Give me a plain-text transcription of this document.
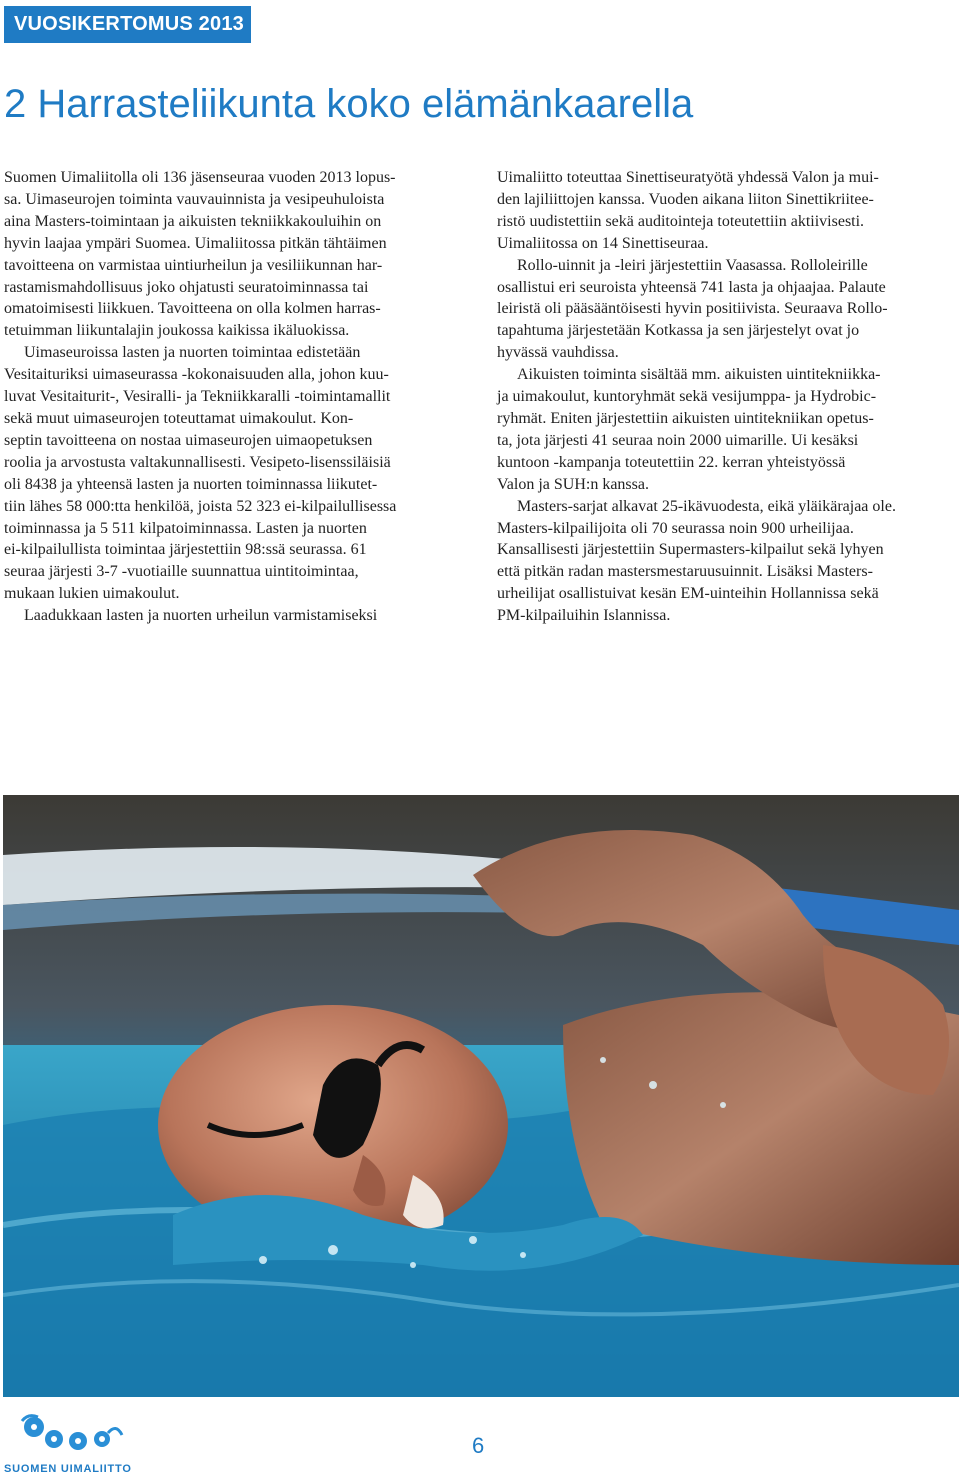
VUOSIKERTOMUS 2013
2 Harrasteliikunta koko elämänkaarella
Suomen Uimaliitolla oli 136 jäsenseuraa vuoden 2013 lopus-
sa. Uimaseurojen toiminta vauvauinnista ja vesipeuhuloista
aina Masters-toimintaan ja aikuisten tekniikkakouluihin on
hyvin laajaa ympäri Suomea. Uimaliitossa pitkän tähtäimen
tavoitteena on varmistaa uintiurheilun ja vesiliikunnan har-
rastamismahdollisuus joko ohjatusti seuratoiminnassa tai
omatoimisesti liikkuen. Tavoitteena on olla kolmen harras-
tetuimman liikuntalajin joukossa kaikissa ikäluokissa.
Uimaseuroissa lasten ja nuorten toimintaa edistetään
Vesitaituriksi uimaseurassa -kokonaisuuden alla, johon kuu-
luvat Vesitaiturit-, Vesiralli- ja Tekniikkaralli -toimintamallit
sekä muut uimaseurojen toteuttamat uimakoulut. Kon-
septin tavoitteena on nostaa uimaseurojen uimaopetuksen
roolia ja arvostusta valtakunnallisesti. Vesipeto-lisenssiläisiä
oli 8438 ja yhteensä lasten ja nuorten toiminnassa liikutet-
tiin lähes 58 000:tta henkilöä, joista 52 323 ei-kilpailullisessa
toiminnassa ja 5 511 kilpatoiminnassa. Lasten ja nuorten
ei-kilpailullista toimintaa järjestettiin 98:ssä seurassa. 61
seuraa järjesti 3-7 -vuotiaille suunnattua uintitoimintaa,
mukaan lukien uimakoulut.
Laadukkaan lasten ja nuorten urheilun varmistamiseksi
Uimaliitto toteuttaa Sinettiseuratyötä yhdessä Valon ja mui-
den lajiliittojen kanssa. Vuoden aikana liiton Sinettikriitee-
ristö uudistettiin sekä auditointeja toteutettiin aktiivisesti.
Uimaliitossa on 14 Sinettiseuraa.
Rollo-uinnit ja -leiri järjestettiin Vaasassa. Rolloleirille
osallistui eri seuroista yhteensä 741 lasta ja ohjaajaa. Palaute
leiristä oli pääsääntöisesti hyvin positiivista. Seuraava Rollo-
tapahtuma järjestetään Kotkassa ja sen järjestelyt ovat jo
hyvässä vauhdissa.
Aikuisten toiminta sisältää mm. aikuisten uintitekniikka-
ja uimakoulut, kuntoryhmät sekä vesijumppa- ja Hydrobic-
ryhmät. Eniten järjestettiin aikuisten uintitekniikan opetus-
ta, jota järjesti 41 seuraa noin 2000 uimarille. Ui kesäksi
kuntoon -kampanja toteutettiin 22. kerran yhteistyössä
Valon ja SUH:n kanssa.
Masters-sarjat alkavat 25-ikävuodesta, eikä yläikärajaa ole.
Masters-kilpailijoita oli 70 seurassa noin 900 urheilijaa.
Kansallisesti järjestettiin Supermasters-kilpailut sekä lyhyen
että pitkän radan mastersmestaruusuinnit. Lisäksi Masters-
urheilijat osallistuivat kesän EM-uinteihin Hollannissa sekä
PM-kilpailuihin Islannissa.
SUOMEN UIMALIITTO
6
